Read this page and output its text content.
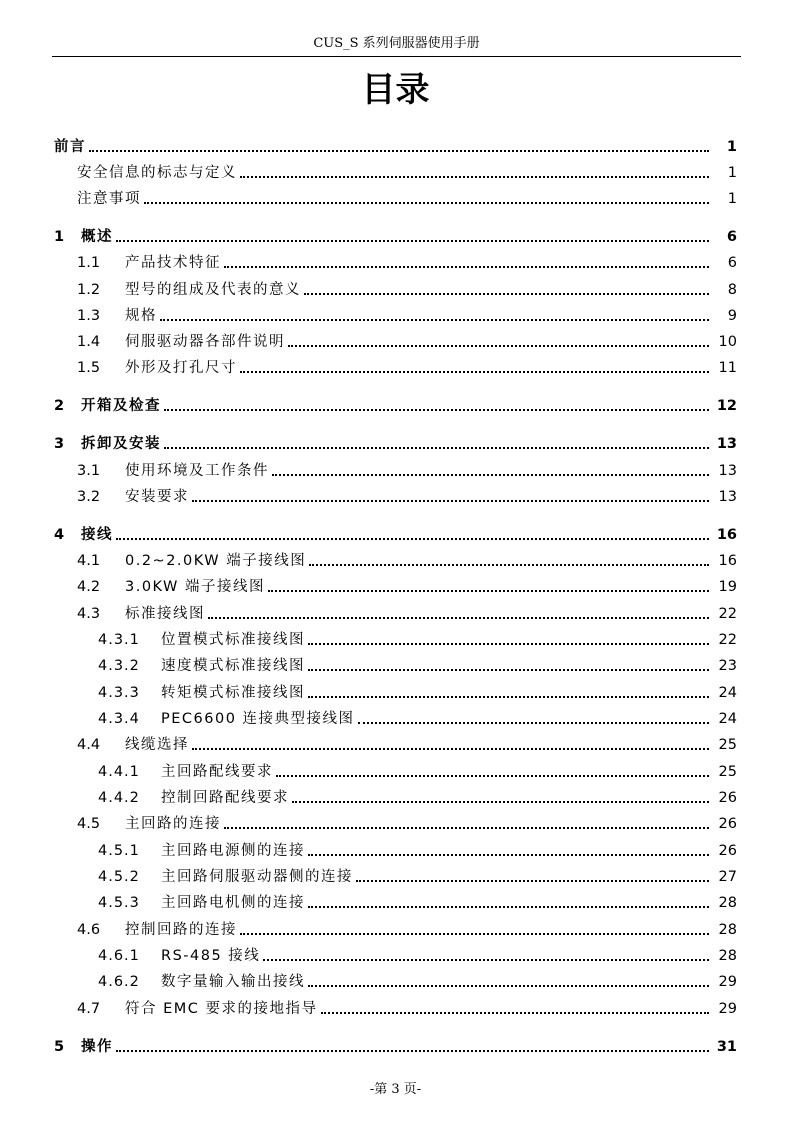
CUS_S 系列伺服器使用手册
目录
前言	1
安全信息的标志与定义	1
注意事项	1
1	概述	6
1.1	产品技术特征	6
1.2	型号的组成及代表的意义	8
1.3	规格	9
1.4	伺服驱动器各部件说明	10
1.5	外形及打孔尺寸	11
2	开箱及检查	12
3	拆卸及安装	13
3.1	使用环境及工作条件	13
3.2	安装要求	13
4	接线	16
4.1	0.2~2.0KW 端子接线图	16
4.2	3.0KW 端子接线图	19
4.3	标准接线图	22
4.3.1	位置模式标准接线图	22
4.3.2	速度模式标准接线图	23
4.3.3	转矩模式标准接线图	24
4.3.4	PEC6600 连接典型接线图	24
4.4	线缆选择	25
4.4.1	主回路配线要求	25
4.4.2	控制回路配线要求	26
4.5	主回路的连接	26
4.5.1	主回路电源侧的连接	26
4.5.2	主回路伺服驱动器侧的连接	27
4.5.3	主回路电机侧的连接	28
4.6	控制回路的连接	28
4.6.1	RS-485 接线	28
4.6.2	数字量输入输出接线	29
4.7	符合 EMC 要求的接地指导	29
5	操作	31
-第 3 页-
